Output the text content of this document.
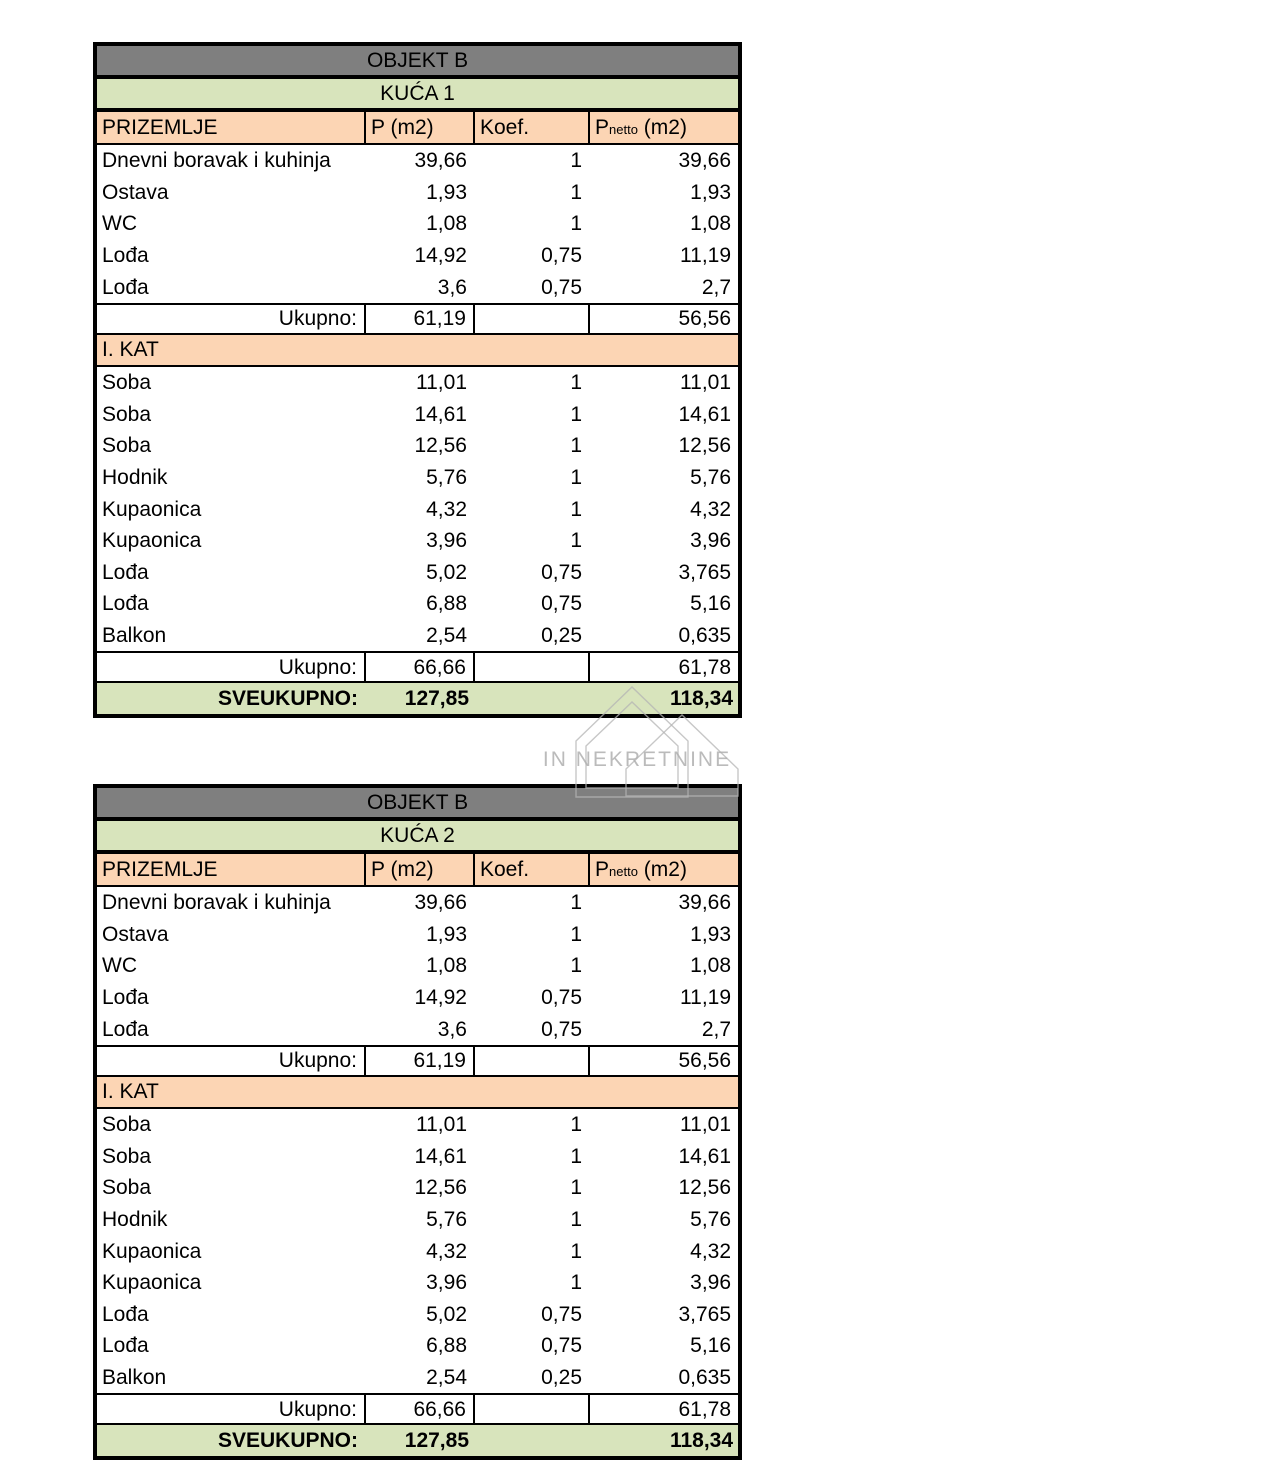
OBJEKT B			
KUĆA 1			
PRIZEMLJE	P (m2)	Koef.	Pnetto (m2)
Dnevni boravak i kuhinja	39,66	1	39,66
Ostava	1,93	1	1,93
WC	1,08	1	1,08
Lođa	14,92	0,75	11,19
Lođa	3,6	0,75	2,7
Ukupno:	61,19		56,56
I. KAT			
Soba	11,01	1	11,01
Soba	14,61	1	14,61
Soba	12,56	1	12,56
Hodnik	5,76	1	5,76
Kupaonica	4,32	1	4,32
Kupaonica	3,96	1	3,96
Lođa	5,02	0,75	3,765
Lođa	6,88	0,75	5,16
Balkon	2,54	0,25	0,635
Ukupno:	66,66		61,78
SVEUKUPNO:	127,85		118,34
OBJEKT B			
KUĆA 2			
PRIZEMLJE	P (m2)	Koef.	Pnetto (m2)
Dnevni boravak i kuhinja	39,66	1	39,66
Ostava	1,93	1	1,93
WC	1,08	1	1,08
Lođa	14,92	0,75	11,19
Lođa	3,6	0,75	2,7
Ukupno:	61,19		56,56
I. KAT			
Soba	11,01	1	11,01
Soba	14,61	1	14,61
Soba	12,56	1	12,56
Hodnik	5,76	1	5,76
Kupaonica	4,32	1	4,32
Kupaonica	3,96	1	3,96
Lođa	5,02	0,75	3,765
Lođa	6,88	0,75	5,16
Balkon	2,54	0,25	0,635
Ukupno:	66,66		61,78
SVEUKUPNO:	127,85		118,34
IN NEKRETNINE
